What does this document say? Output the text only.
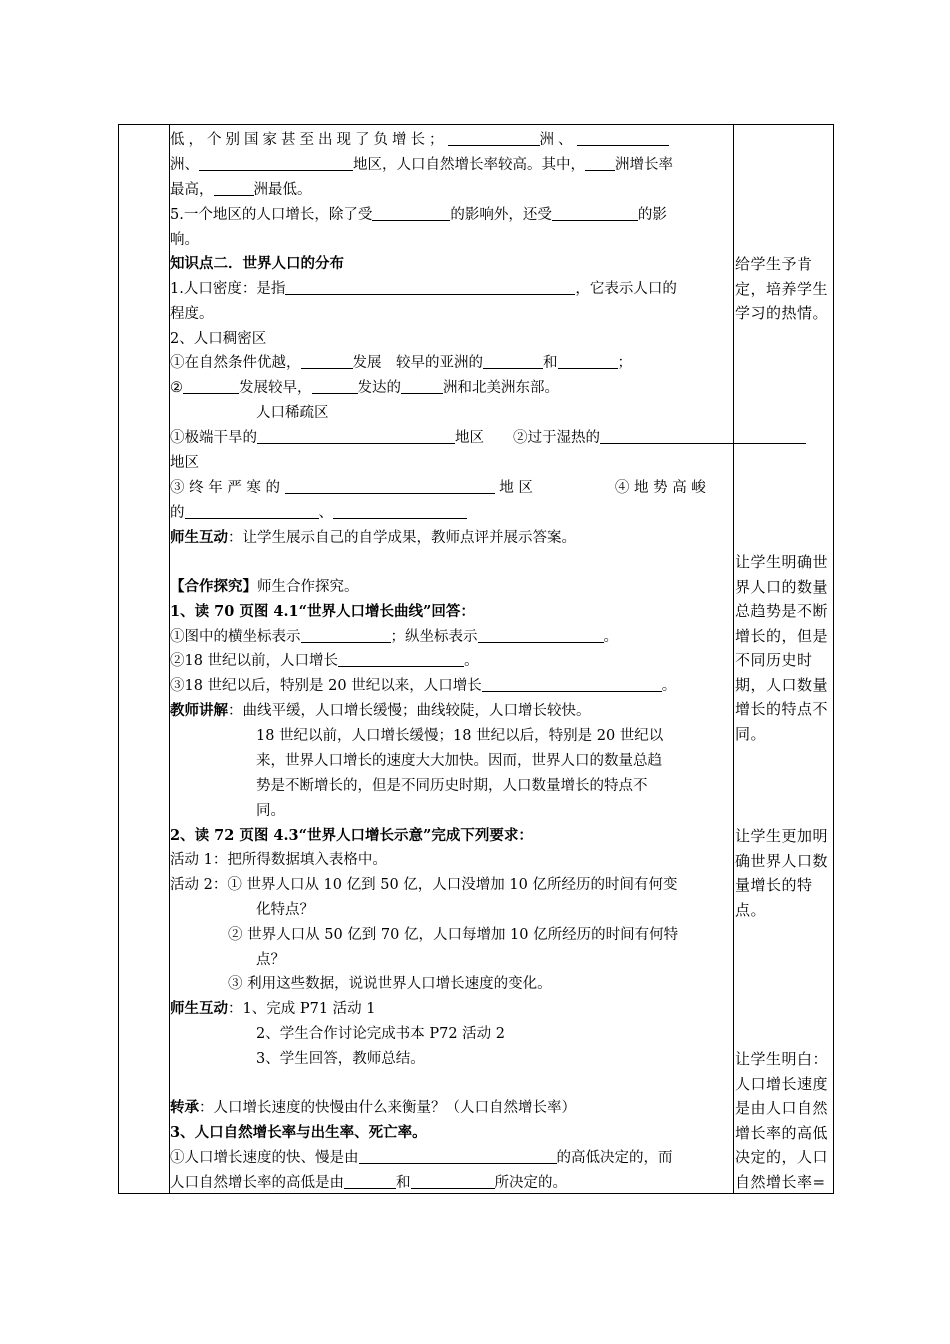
低，个别国家甚至出现了负增长；	洲、
洲、	地区，人口自然增长率较高。其中， 洲增长率
最高，	洲最低。
5.一个地区的人口增长，除了受	的影响外，还受	的影
响。
知识点二．世界人口的分布
1.人口密度：是指	，它表示人口的
程度。
2、人口稠密区
①在自然条件优越，	发展　较早的亚洲的	和	；
②	发展较早，	发达的	洲和北美洲东部。
人口稀疏区
①极端干旱的	地区　　②过于湿热的
地区
③ 终 年 严 寒 的	地 区	④ 地 势 高 峻
的	、
师生互动：让学生展示自己的自学成果，教师点评并展示答案。
【合作探究】师生合作探究。
1、读 70 页图 4.1“世界人口增长曲线”回答：
①图中的横坐标表示	；纵坐标表示	。
②18 世纪以前，人口增长	。
③18 世纪以后，特别是 20 世纪以来，人口增长	。
教师讲解：曲线平缓，人口增长缓慢；曲线较陡，人口增长较快。
18 世纪以前，人口增长缓慢；18 世纪以后，特别是 20 世纪以
来，世界人口增长的速度大大加快。因而，世界人口的数量总趋
势是不断增长的，但是不同历史时期，人口数量增长的特点不
同。
2、读 72 页图 4.3“世界人口增长示意”完成下列要求：
活动 1：把所得数据填入表格中。
活动 2：① 世界人口从 10 亿到 50 亿，人口没增加 10 亿所经历的时间有何变
化特点？
② 世界人口从 50 亿到 70 亿，人口每增加 10 亿所经历的时间有何特
点？
③ 利用这些数据，说说世界人口增长速度的变化。
师生互动：1、完成 P71 活动 1
2、学生合作讨论完成书本 P72 活动 2
3、学生回答，教师总结。
转承：人口增长速度的快慢由什么来衡量？（人口自然增长率）
3、人口自然增长率与出生率、死亡率。
①人口增长速度的快、慢是由	的高低决定的，而
人口自然增长率的高低是由	和	所决定的。
给学生予肯定，培养学生学习的热情。
让学生明确世界人口的数量总趋势是不断增长的，但是不同历史时期，人口数量增长的特点不同。
让学生更加明确世界人口数量增长的特点。
让学生明白：人口增长速度是由人口自然增长率的高低决定的，人口自然增长率=
